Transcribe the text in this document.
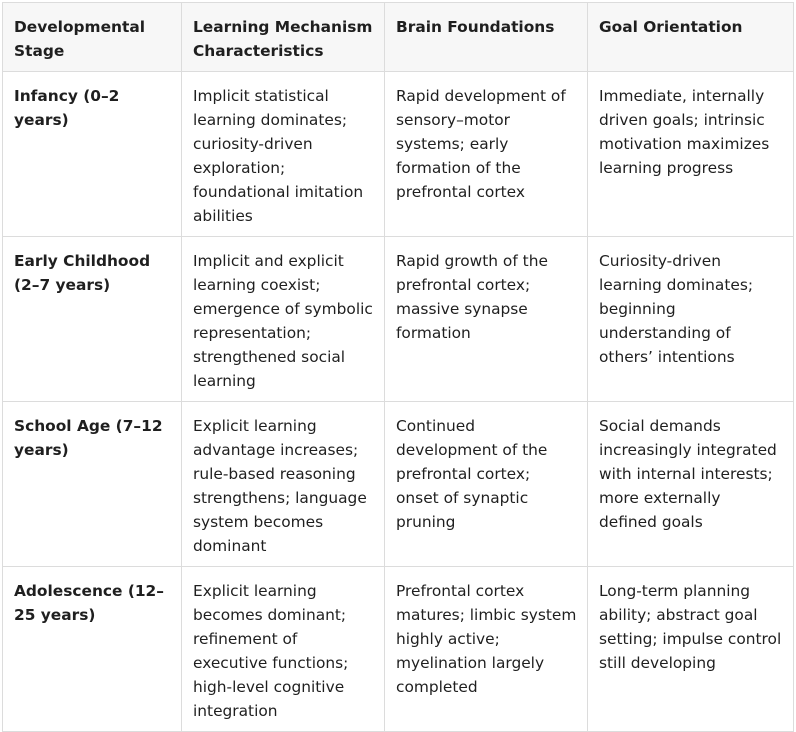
Developmental Stage	Learning Mechanism Characteristics	Brain Foundations	Goal Orientation
Infancy (0–2 years)	Implicit statistical learning dominates; curiosity-driven exploration; foundational imitation abilities	Rapid development of sensory–motor systems; early formation of the prefrontal cortex	Immediate, internally driven goals; intrinsic motivation maximizes learning progress
Early Childhood (2–7 years)	Implicit and explicit learning coexist; emergence of symbolic representation; strengthened social learning	Rapid growth of the prefrontal cortex; massive synapse formation	Curiosity-driven learning dominates; beginning understanding of others’ intentions
School Age (7–12 years)	Explicit learning advantage increases; rule-based reasoning strengthens; language system becomes dominant	Continued development of the prefrontal cortex; onset of synaptic pruning	Social demands increasingly integrated with internal interests; more externally defined goals
Adolescence (12–25 years)	Explicit learning becomes dominant; refinement of executive functions; high-level cognitive integration	Prefrontal cortex matures; limbic system highly active; myelination largely completed	Long-term planning ability; abstract goal setting; impulse control still developing
